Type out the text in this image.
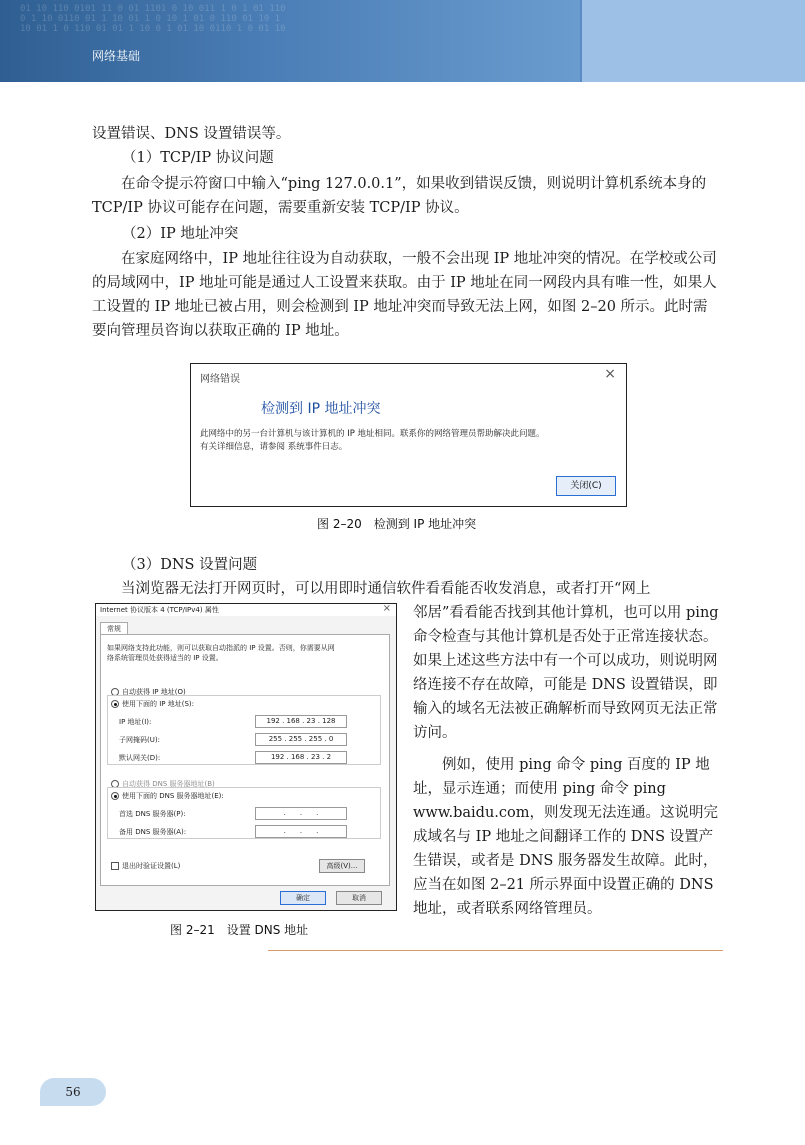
01 10 110 0101 11 0 01 1101 0 10 011 1 0 1 01 110
0 1 10 0110 01 1 10 01 1 0 10 1 01 0 110 01 10 1
10 01 1 0 110 01 01 1 10 0 1 01 10 0110 1 0 01 10
网络基础

设置错误、DNS 设置错误等。

（1）TCP/IP 协议问题

在命令提示符窗口中输入“ping 127.0.0.1”，如果收到错误反馈，则说明计算机系统本身的 TCP/IP 协议可能存在问题，需要重新安装 TCP/IP 协议。

（2）IP 地址冲突

在家庭网络中，IP 地址往往设为自动获取，一般不会出现 IP 地址冲突的情况。在学校或公司的局域网中，IP 地址可能是通过人工设置来获取。由于 IP 地址在同一网段内具有唯一性，如果人工设置的 IP 地址已被占用，则会检测到 IP 地址冲突而导致无法上网，如图 2–20 所示。此时需要向管理员咨询以获取正确的 IP 地址。

网络错误	×
检测到 IP 地址冲突
此网络中的另一台计算机与该计算机的 IP 地址相同。联系你的网络管理员帮助解决此问题。
有关详细信息，请参阅 系统事件日志。
关闭(C)
图 2–20　检测到 IP 地址冲突
（3）DNS 设置问题

当浏览器无法打开网页时，可以用即时通信软件看看能否收发消息，或者打开“网上

邻居”看看能否找到其他计算机，也可以用 ping 命令检查与其他计算机是否处于正常连接状态。如果上述这些方法中有一个可以成功，则说明网络连接不存在故障，可能是 DNS 设置错误，即输入的域名无法被正确解析而导致网页无法正常访问。

例如，使用 ping 命令 ping 百度的 IP 地址，显示连通；而使用 ping 命令 ping www.baidu.com，则发现无法连通。这说明完成域名与 IP 地址之间翻译工作的 DNS 设置产生错误，或者是 DNS 服务器发生故障。此时，应当在如图 2–21 所示界面中设置正确的 DNS 地址，或者联系网络管理员。

Internet 协议版本 4 (TCP/IPv4) 属性	×
常规
如果网络支持此功能，则可以获取自动指派的 IP 设置。否则，你需要从网
络系统管理员处获得适当的 IP 设置。
自动获得 IP 地址(O)
使用下面的 IP 地址(S):
IP 地址(I):	192 . 168 . 23 . 128
子网掩码(U):	255 . 255 . 255 . 0
默认网关(D):	192 . 168 . 23 . 2
自动获得 DNS 服务器地址(B)
使用下面的 DNS 服务器地址(E):
首选 DNS 服务器(P):	.　　.　　.
备用 DNS 服务器(A):	.　　.　　.
退出时验证设置(L)	高级(V)...
确定	取消
图 2–21　设置 DNS 地址
56
